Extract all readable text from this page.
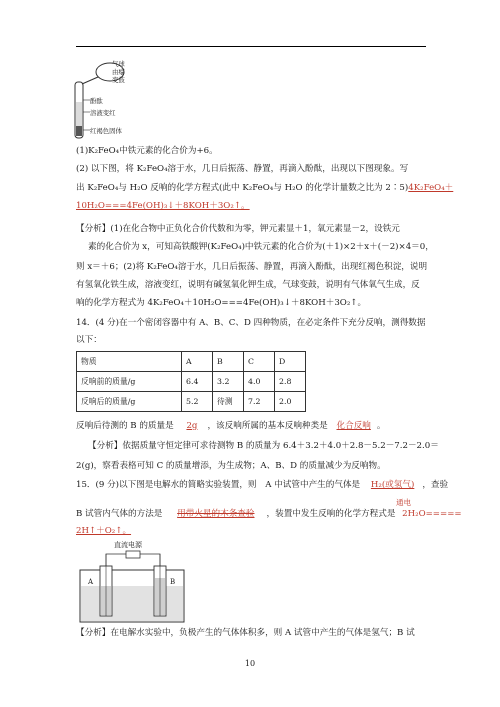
气球
由瘪
变鼓
酚酞
溶液变红
红褐色固体
(1)K₂FeO₄中铁元素的化合价为+6。
(2) 以下图，将 K₂FeO₄溶于水，几日后振荡、静置，再滴入酚酞，出现以下图现象。写
出 K₂FeO₄与 H₂O 反响的化学方程式(此中 K₂FeO₄与 H₂O 的化学计量数之比为 2∶5)4K₂FeO₄＋
10H₂O===4Fe(OH)₃↓＋8KOH＋3O₂↑。
【分析】(1)在化合物中正负化合价代数和为零，钾元素显＋1，氧元素显－2，设铁元
素的化合价为 x，可知高铁酸钾(K₂FeO₄)中铁元素的化合价为(＋1)×2＋x＋(－2)×4＝0，
则 x＝＋6；(2)将 K₂FeO₄溶于水，几日后振荡、静置，再滴入酚酞，出现红褐色积淀，说明
有氢氧化铁生成，溶液变红，说明有碱氢氧化钾生成，气球变鼓，说明有气体氧气生成，反
响的化学方程式为 4K₂FeO₄＋10H₂O===4Fe(OH)₃↓＋8KOH＋3O₂↑。
14．(4 分)在一个密闭容器中有 A、B、C、D 四种物质，在必定条件下充分反响，测得数据
以下：
物质	A	B	C	D
反响前的质量/g	6.4	3.2	4.0	2.8
反响后的质量/g	5.2	待测	7.2	2.0
反响后待测的 B 的质量是 2g ，该反响所属的基本反响种类是 化合反响 。
【分析】依据质量守恒定律可求待测物 B 的质量为 6.4＋3.2＋4.0＋2.8－5.2－7.2－2.0＝
2(g)，察看表格可知 C 的质量增添，为生成物；A、B、D 的质量减少为反响物。
15．(9 分)以下图是电解水的简略实验装置，则 A 中试管中产生的气体是 H₂(或氢气) ，查验
通电
B 试管内气体的方法是 用带火星的木条查验 ，装置中发生反响的化学方程式是 2H₂O=====
2H↑＋O₂↑。
直流电源
A	B
【分析】在电解水实验中，负极产生的气体体积多，则 A 试管中产生的气体是氢气；B 试
10
